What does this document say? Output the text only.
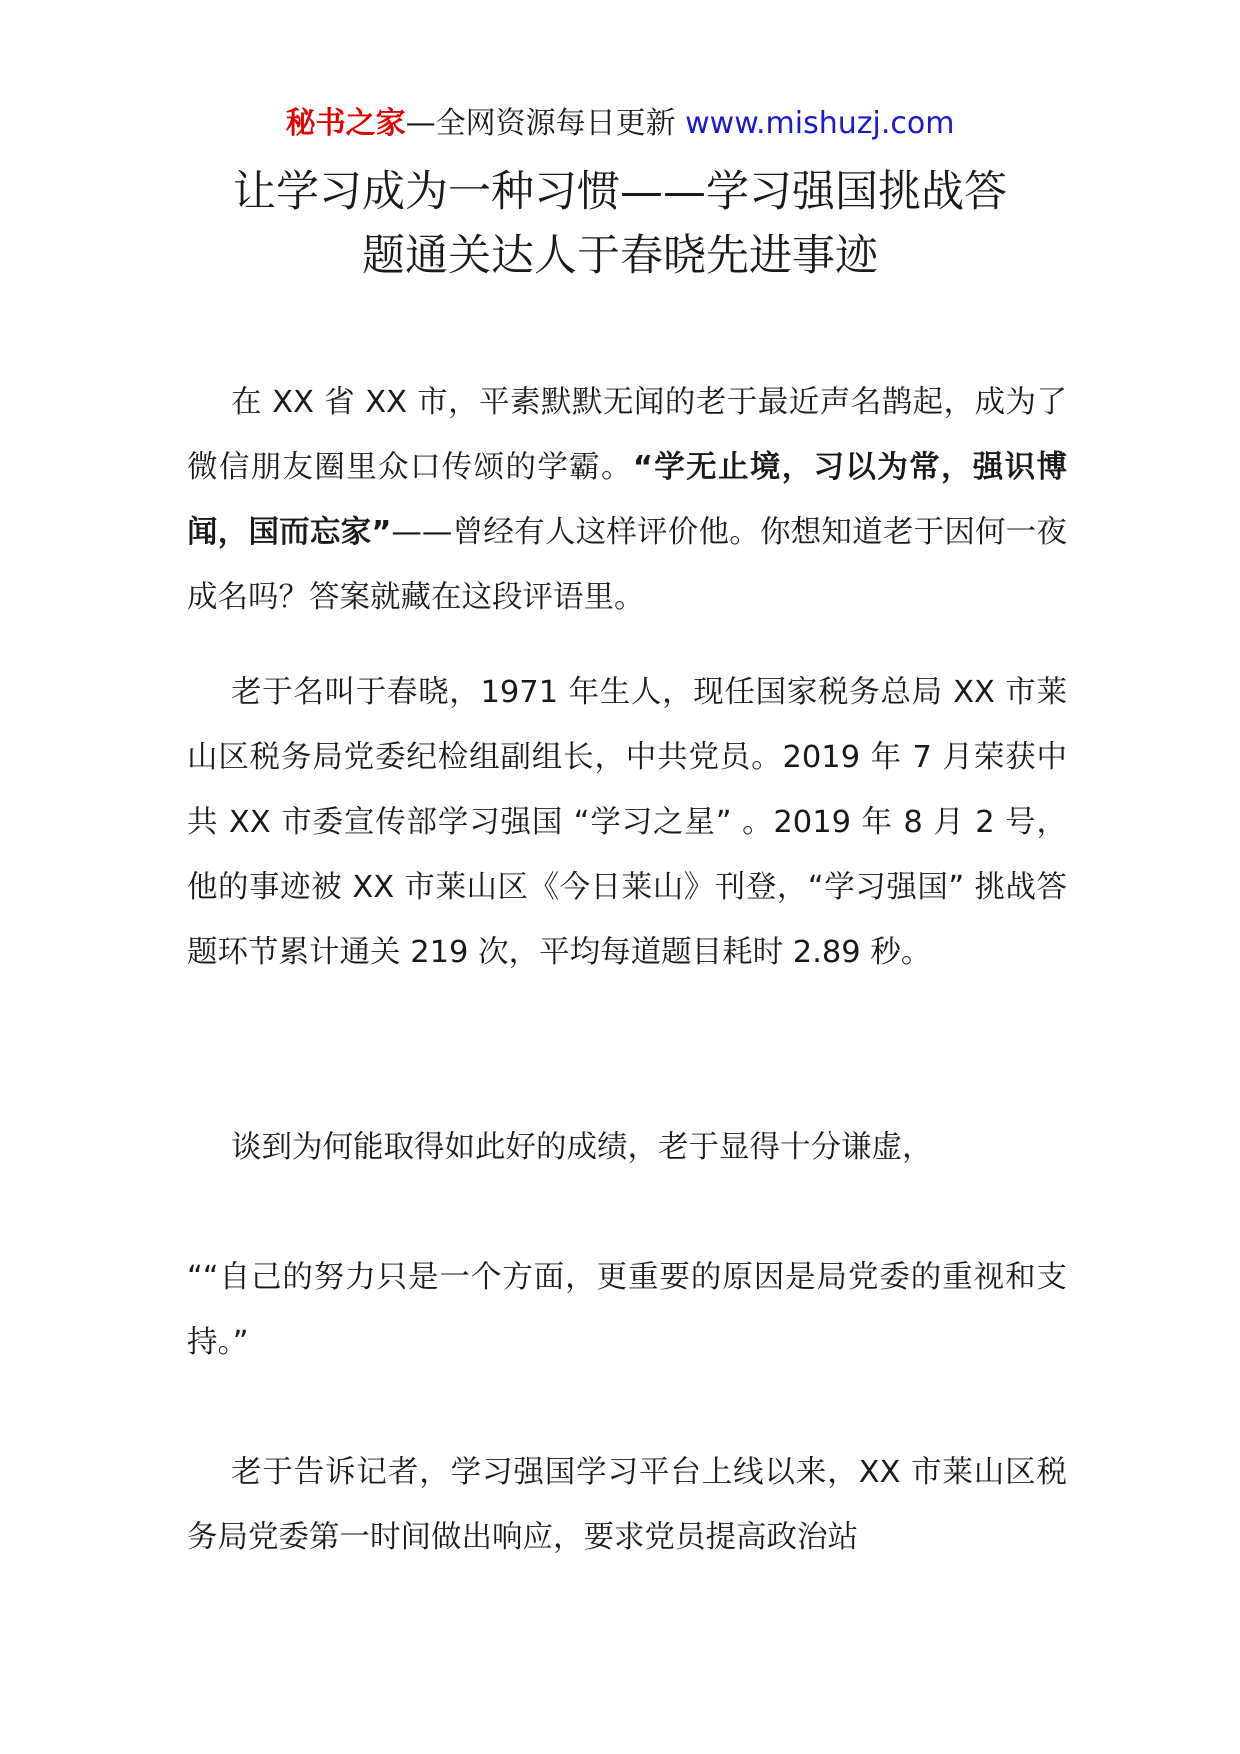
秘书之家—全网资源每日更新 www.mishuzj.com
让学习成为一种习惯——学习强国挑战答
题通关达人于春晓先进事迹

在 XX 省 XX 市，平素默默无闻的老于最近声名鹊起，成为了微信朋友圈里众口传颂的学霸。“学无止境，习以为常，强识博闻，国而忘家”——曾经有人这样评价他。你想知道老于因何一夜成名吗？答案就藏在这段评语里。

老于名叫于春晓，1971 年生人，现任国家税务总局 XX 市莱山区税务局党委纪检组副组长，中共党员。2019 年 7 月荣获中共 XX 市委宣传部学习强国 “学习之星” 。2019 年 8 月 2 号，他的事迹被 XX 市莱山区《今日莱山》刊登，“学习强国” 挑战答题环节累计通关 219 次，平均每道题目耗时 2.89 秒。

谈到为何能取得如此好的成绩，老于显得十分谦虚，

““自己的努力只是一个方面，更重要的原因是局党委的重视和支持。”

老于告诉记者，学习强国学习平台上线以来，XX 市莱山区税务局党委第一时间做出响应，要求党员提高政治站
